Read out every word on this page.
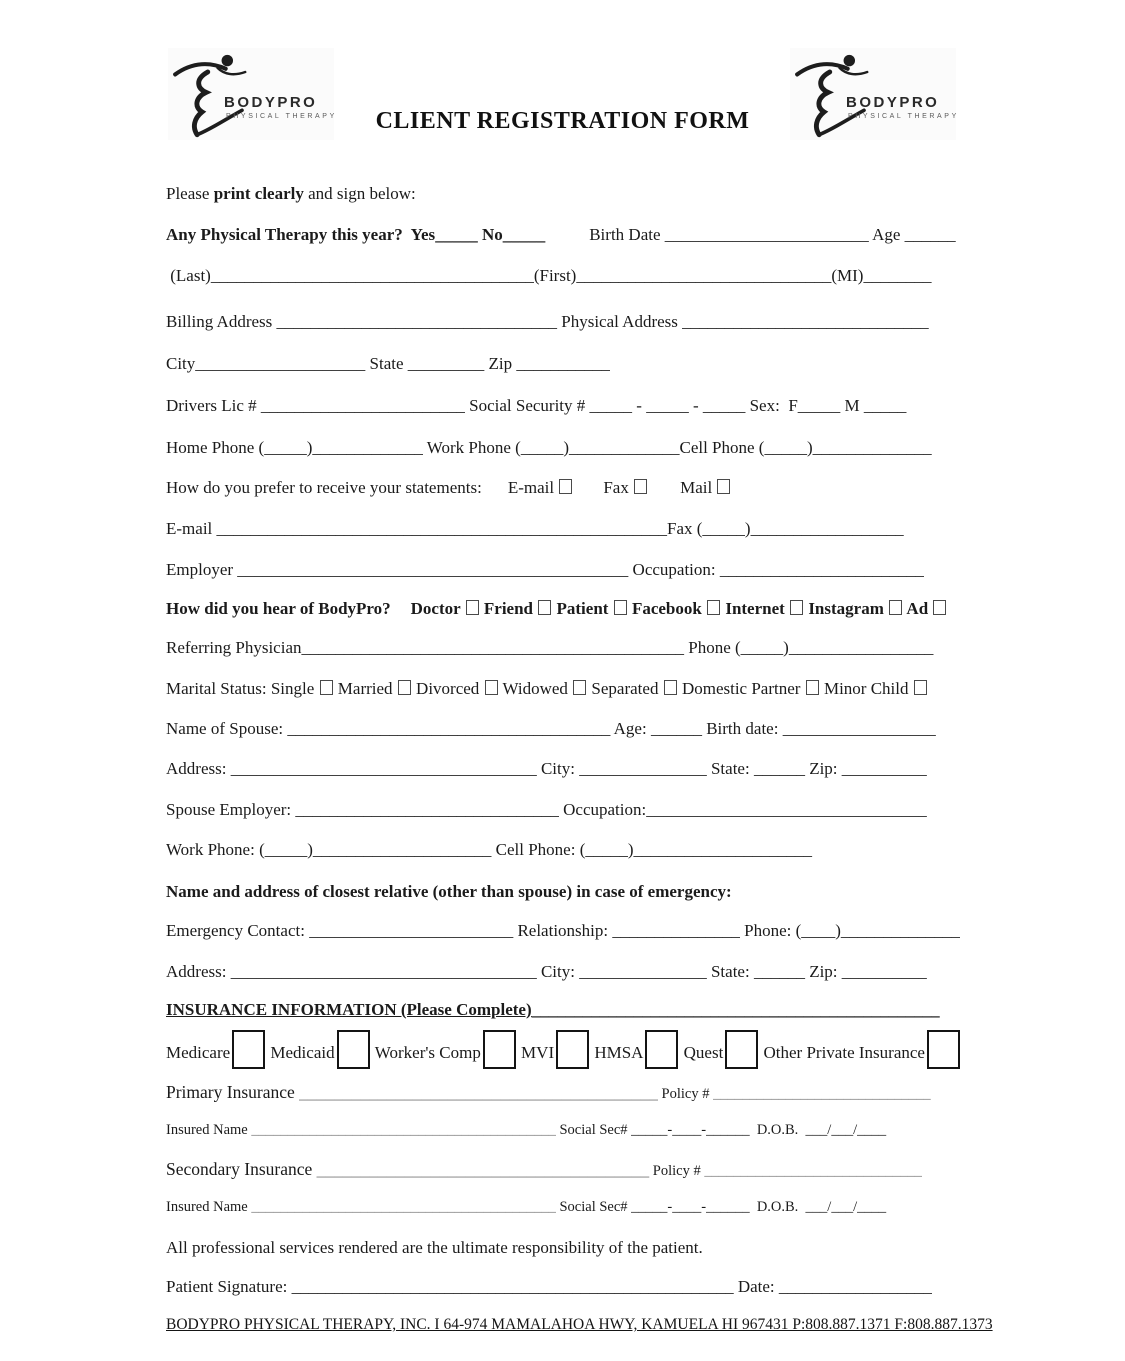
BODYPRO
PHYSICAL THERAPY
BODYPRO
PHYSICAL THERAPY
CLIENT REGISTRATION FORM
Please print clearly and sign below:
Any Physical Therapy this year?  Yes_____ No_____	Birth Date ________________________ Age ______
(Last)______________________________________(First)______________________________(MI)________
Billing Address _________________________________ Physical Address _____________________________
City____________________ State _________ Zip ___________
Drivers Lic # ________________________ Social Security # _____ - _____ - _____ Sex:  F_____ M _____
Home Phone (_____)_____________ Work Phone (_____)_____________Cell Phone (_____)______________
How do you prefer to receive your statements: E-mail	Fax	Mail
E-mail _____________________________________________________Fax (_____)__________________
Employer ______________________________________________ Occupation: ________________________
How did you hear of BodyPro? Doctor  Friend  Patient  Facebook  Internet  Instagram  Ad
Referring Physician_____________________________________________ Phone (_____)_________________
Marital Status: Single  Married  Divorced  Widowed  Separated  Domestic Partner  Minor Child
Name of Spouse: ______________________________________ Age: ______ Birth date: __________________
Address: ____________________________________ City: _______________ State: ______ Zip: __________
Spouse Employer: _______________________________ Occupation:_________________________________
Work Phone: (_____)_____________________ Cell Phone: (_____)_____________________
Name and address of closest relative (other than spouse) in case of emergency:
Emergency Contact: ________________________ Relationship: _______________ Phone: (____)______________
Address: ____________________________________ City: _______________ State: ______ Zip: __________
INSURANCE INFORMATION (Please Complete)________________________________________________
Medicare Medicaid Worker's Comp MVI HMSA Quest Other Private Insurance
Primary Insurance _________________________________________ Policy # ______________________________
Insured Name __________________________________________ Social Sec# _____-____-______  D.O.B.  ___/___/____
Secondary Insurance ______________________________________ Policy # ______________________________
Insured Name __________________________________________ Social Sec# _____-____-______  D.O.B.  ___/___/____
All professional services rendered are the ultimate responsibility of the patient.
Patient Signature: ____________________________________________________ Date: __________________
BODYPRO PHYSICAL THERAPY, INC. I 64-974 MAMALAHOA HWY, KAMUELA HI 967431 P:808.887.1371 F:808.887.1373
